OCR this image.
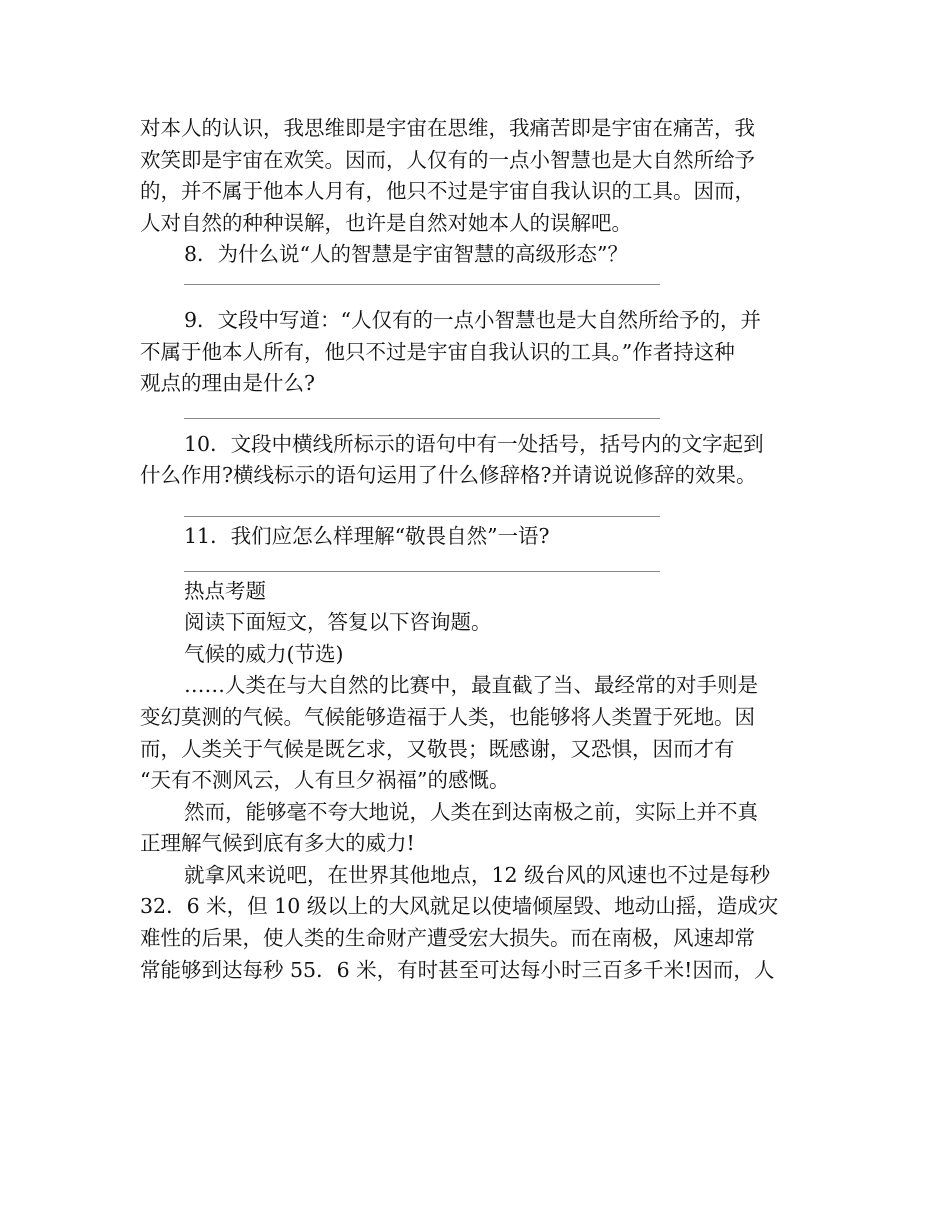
对本人的认识，我思维即是宇宙在思维，我痛苦即是宇宙在痛苦，我
欢笑即是宇宙在欢笑。因而，人仅有的一点小智慧也是大自然所给予
的，并不属于他本人月有，他只不过是宇宙自我认识的工具。因而，
人对自然的种种误解，也许是自然对她本人的误解吧。
8．为什么说“人的智慧是宇宙智慧的高级形态”？
9．文段中写道：“人仅有的一点小智慧也是大自然所给予的，并
不属于他本人所有，他只不过是宇宙自我认识的工具。”作者持这种
观点的理由是什么?
10．文段中横线所标示的语句中有一处括号，括号内的文字起到
什么作用?横线标示的语句运用了什么修辞格?并请说说修辞的效果。
11．我们应怎么样理解“敬畏自然”一语?
热点考题
阅读下面短文，答复以下咨询题。
气候的威力(节选)
……人类在与大自然的比赛中，最直截了当、最经常的对手则是
变幻莫测的气候。气候能够造福于人类，也能够将人类置于死地。因
而，人类关于气候是既乞求，又敬畏；既感谢，又恐惧，因而才有
“天有不测风云，人有旦夕祸福”的感慨。
然而，能够毫不夸大地说，人类在到达南极之前，实际上并不真
正理解气候到底有多大的威力!
就拿风来说吧，在世界其他地点，12 级台风的风速也不过是每秒
32．6 米，但 10 级以上的大风就足以使墙倾屋毁、地动山摇，造成灾
难性的后果，使人类的生命财产遭受宏大损失。而在南极，风速却常
常能够到达每秒 55．6 米，有时甚至可达每小时三百多千米!因而，人
